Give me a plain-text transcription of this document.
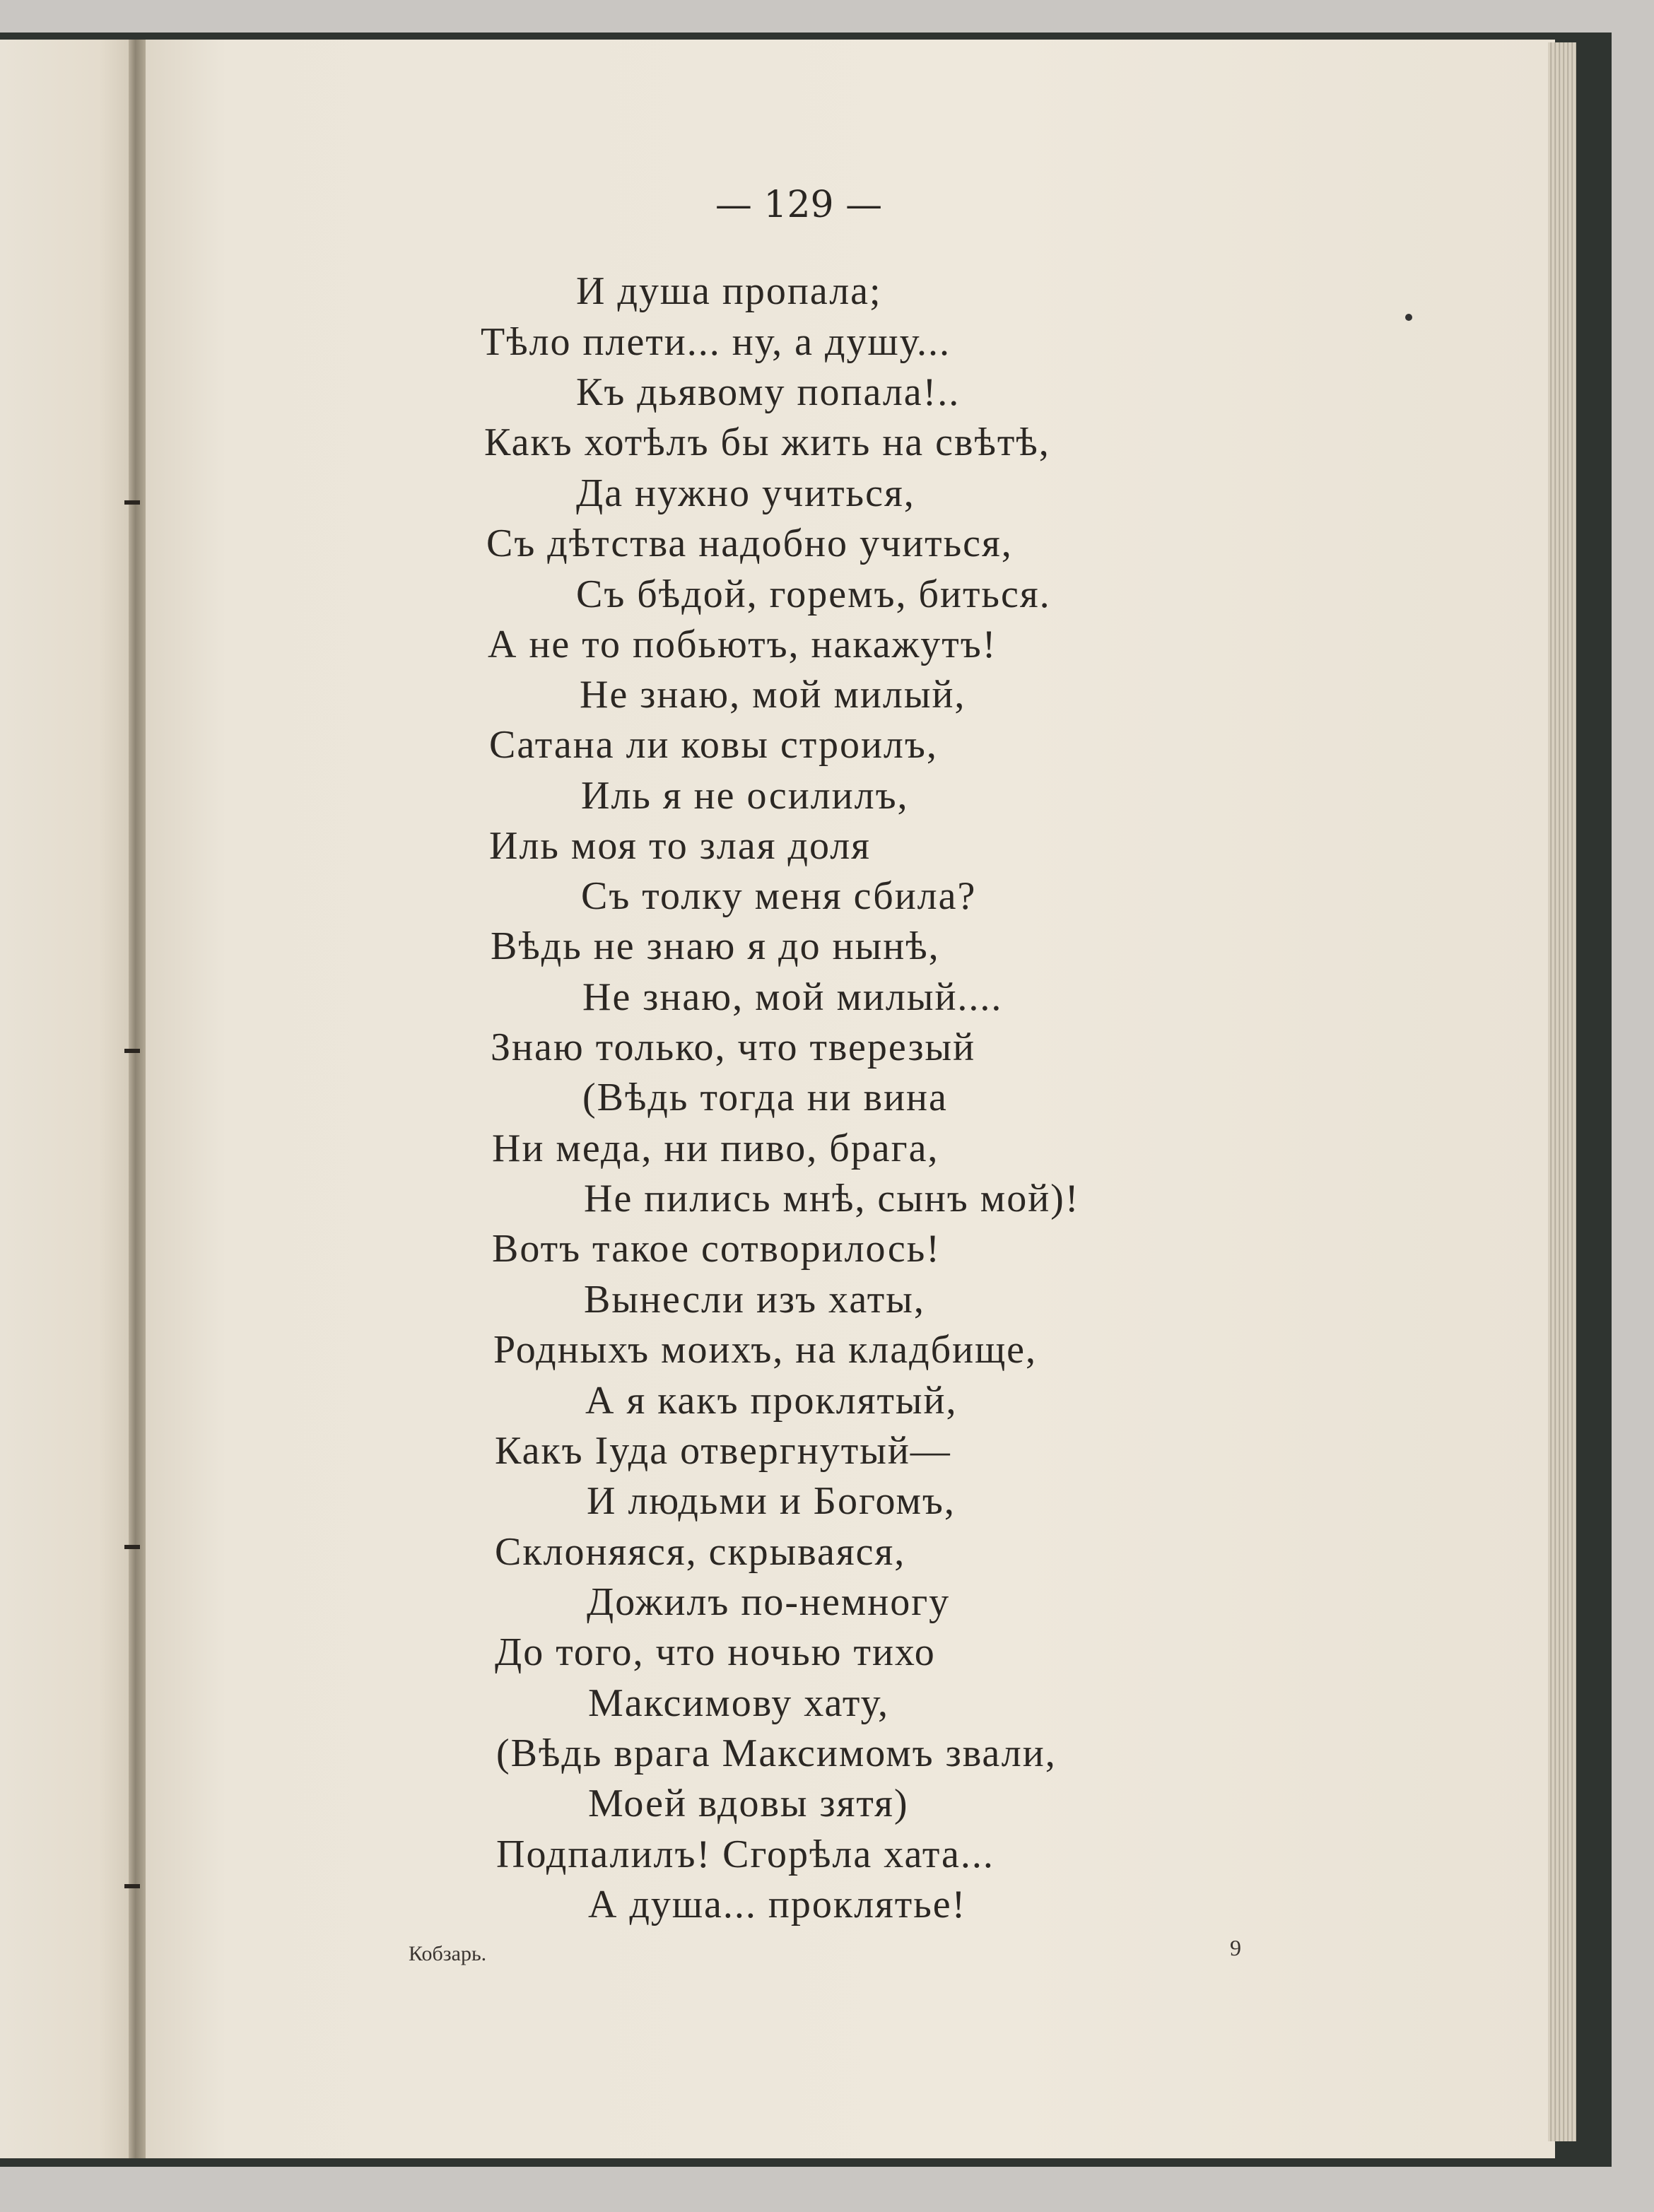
— 129 —
И душа пропала;
Тѣло плети... ну, а душу...
Къ дьявому попала!..
Какъ хотѣлъ бы жить на свѣтѣ,
Да нужно учиться,
Съ дѣтства надобно учиться,
Съ бѣдой, горемъ, биться.
А не то побьютъ, накажутъ!
Не знаю, мой милый,
Сатана ли ковы строилъ,
Иль я не осилилъ,
Иль моя то злая доля
Съ толку меня сбила?
Вѣдь не знаю я до нынѣ,
Не знаю, мой милый....
Знаю только, что тверезый
(Вѣдь тогда ни вина
Ни меда, ни пиво, брага,
Не пились мнѣ, сынъ мой)!
Вотъ такое сотворилось!
Вынесли изъ хаты,
Родныхъ моихъ, на кладбище,
А я какъ проклятый,
Какъ Іуда отвергнутый—
И людьми и Богомъ,
Склоняяся, скрываяся,
Дожилъ по-немногу
До того, что ночью тихо
Максимову хату,
(Вѣдь врага Максимомъ звали,
Моей вдовы зятя)
Подпалилъ! Сгорѣла хата...
А душа... проклятье!
Кобзарь.	9
